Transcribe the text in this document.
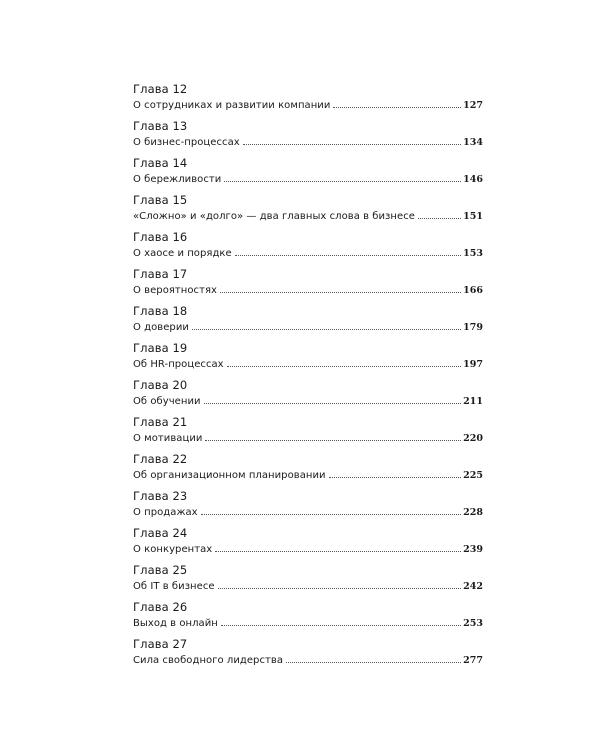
Глава 12
О сотрудниках и развитии компании	127
Глава 13
О бизнес-процессах	134
Глава 14
О бережливости	146
Глава 15
«Сложно» и «долго» — два главных слова в бизнесе	151
Глава 16
О хаосе и порядке	153
Глава 17
О вероятностях	166
Глава 18
О доверии	179
Глава 19
Об HR-процессах	197
Глава 20
Об обучении	211
Глава 21
О мотивации	220
Глава 22
Об организационном планировании	225
Глава 23
О продажах	228
Глава 24
О конкурентах	239
Глава 25
Об IT в бизнесе	242
Глава 26
Выход в онлайн	253
Глава 27
Сила свободного лидерства	277
